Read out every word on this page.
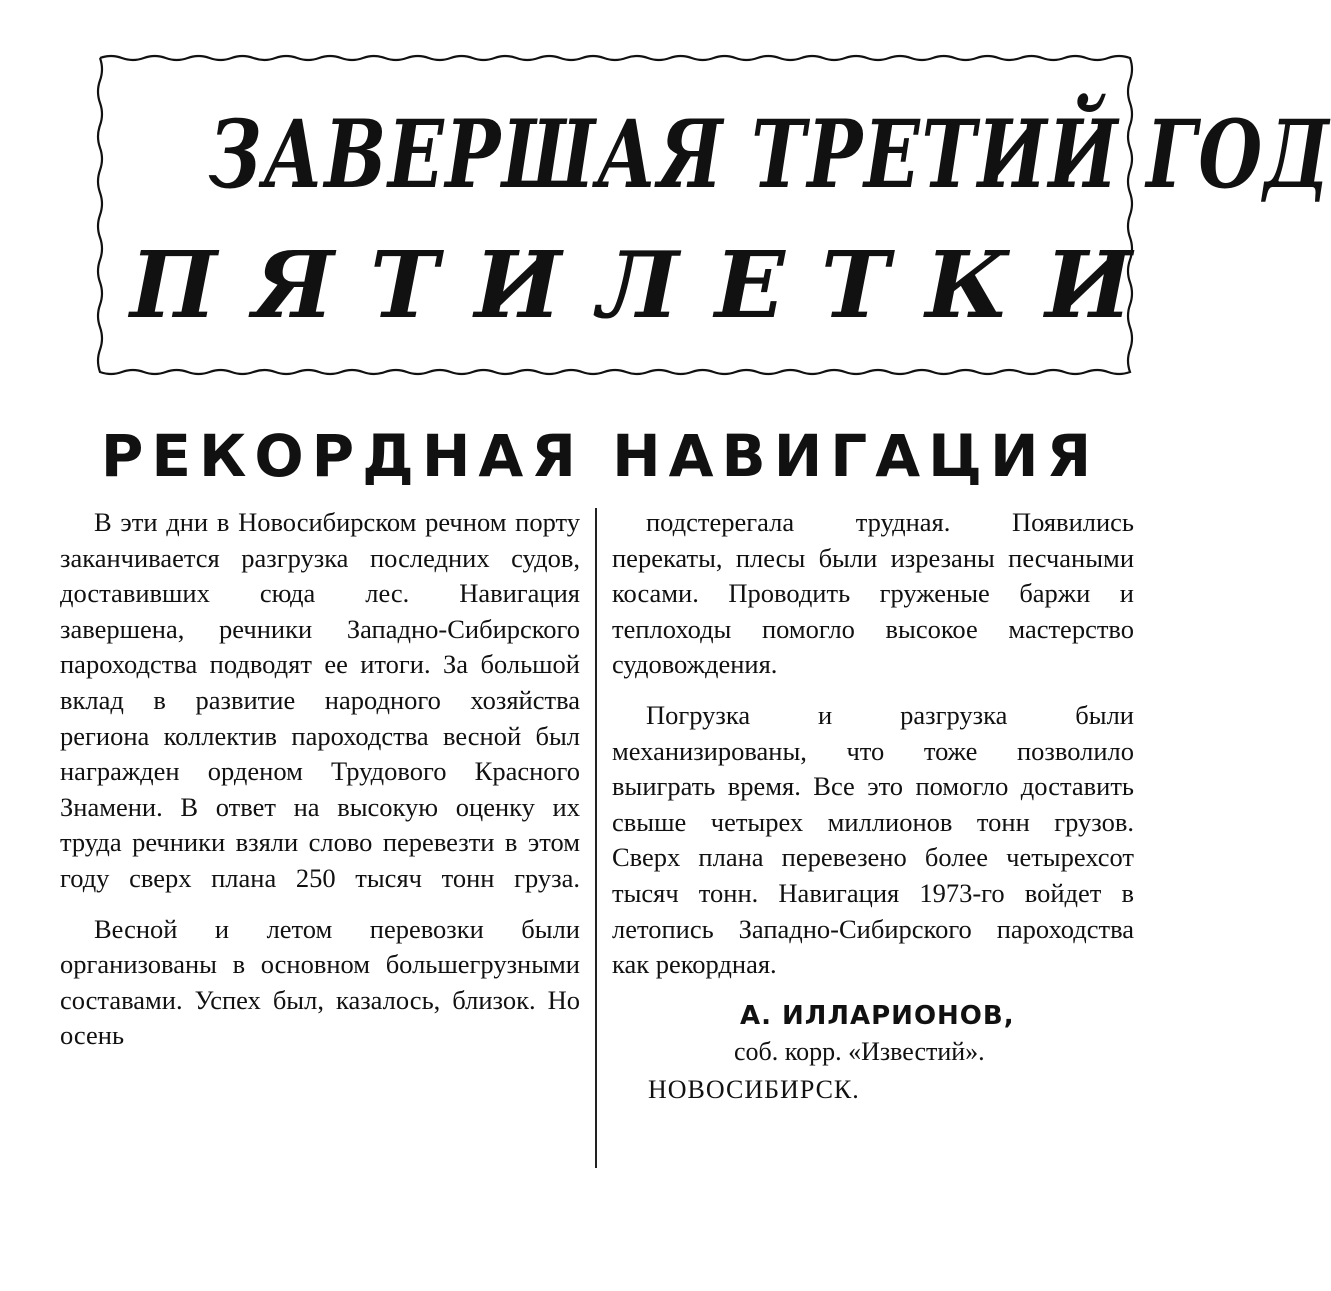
ЗАВЕРШАЯ ТРЕТИЙ ГОД
ПЯТИЛЕТКИ
РЕКОРДНАЯ НАВИГАЦИЯ

В эти дни в Новосибирском речном порту заканчивается разгрузка последних судов, доставивших сюда лес. Навигация завершена, речники Западно-Сибирского пароходства подводят ее итоги. За большой вклад в развитие народного хозяйства региона коллектив пароходства весной был награжден орденом Трудового Красного Знамени. В ответ на высокую оценку их труда речники взяли слово перевезти в этом году сверх плана 250 тысяч тонн груза.

Весной и летом перевозки были организованы в основном большегрузными составами. Успех был, казалось, близок. Но осень

подстерегала трудная. Появились перекаты, плесы были изрезаны песчаными косами. Проводить груженые баржи и теплоходы помогло высокое мастерство судовождения.

Погрузка и разгрузка были механизированы, что тоже позволило выиграть время. Все это помогло доставить свыше четырех миллионов тонн грузов. Сверх плана перевезено более четырехсот тысяч тонн. Навигация 1973-го войдет в летопись Западно-Сибирского пароходства как рекордная.

А. ИЛЛАРИОНОВ,
соб. корр. «Известий».
НОВОСИБИРСК.
